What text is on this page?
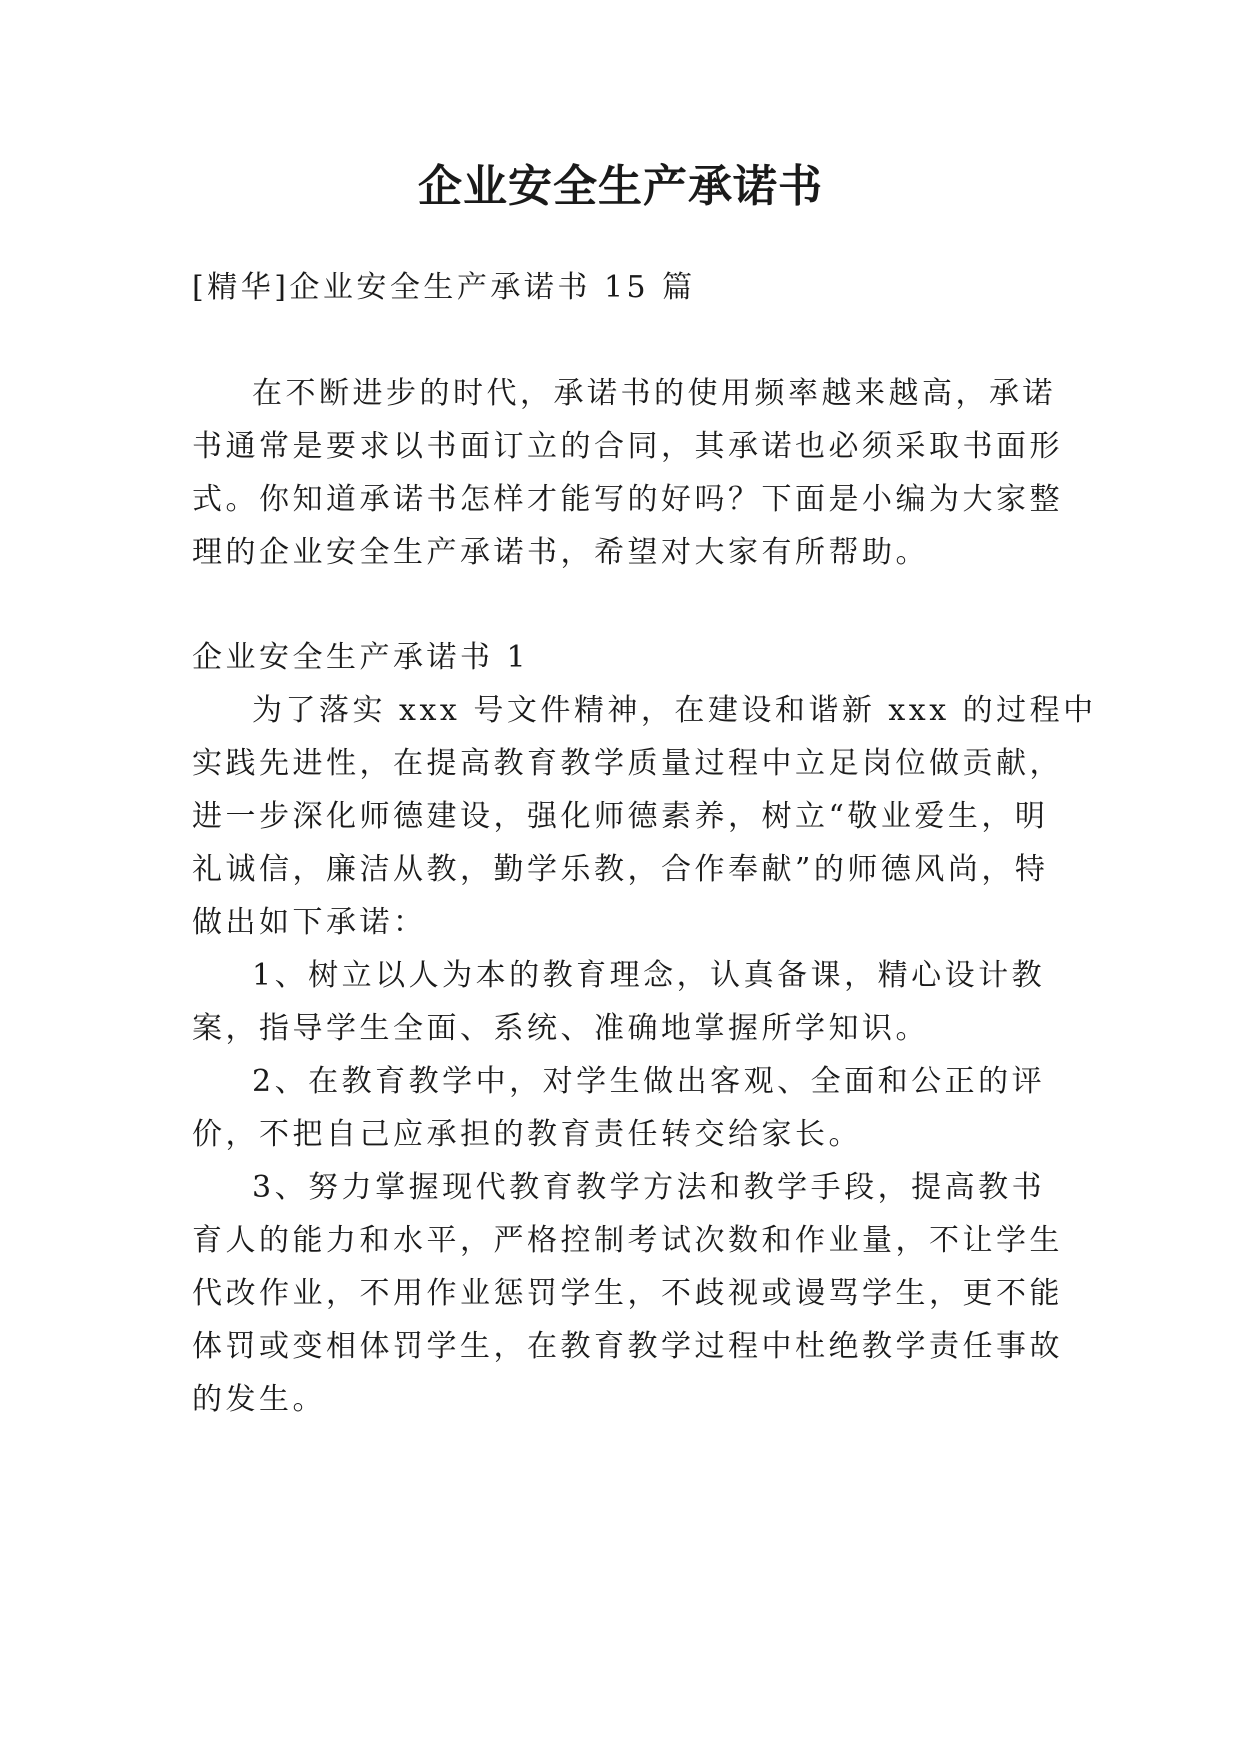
企业安全生产承诺书

[精华]企业安全生产承诺书 15 篇

在不断进步的时代，承诺书的使用频率越来越高，承诺

书通常是要求以书面订立的合同，其承诺也必须采取书面形

式。你知道承诺书怎样才能写的好吗？下面是小编为大家整

理的企业安全生产承诺书，希望对大家有所帮助。

企业安全生产承诺书 1

为了落实 xxx 号文件精神，在建设和谐新 xxx 的过程中

实践先进性，在提高教育教学质量过程中立足岗位做贡献，

进一步深化师德建设，强化师德素养，树立“敬业爱生，明

礼诚信，廉洁从教，勤学乐教，合作奉献”的师德风尚，特

做出如下承诺：

1、树立以人为本的教育理念，认真备课，精心设计教

案，指导学生全面、系统、准确地掌握所学知识。

2、在教育教学中，对学生做出客观、全面和公正的评

价，不把自己应承担的教育责任转交给家长。

3、努力掌握现代教育教学方法和教学手段，提高教书

育人的能力和水平，严格控制考试次数和作业量，不让学生

代改作业，不用作业惩罚学生，不歧视或谩骂学生，更不能

体罚或变相体罚学生，在教育教学过程中杜绝教学责任事故

的发生。
